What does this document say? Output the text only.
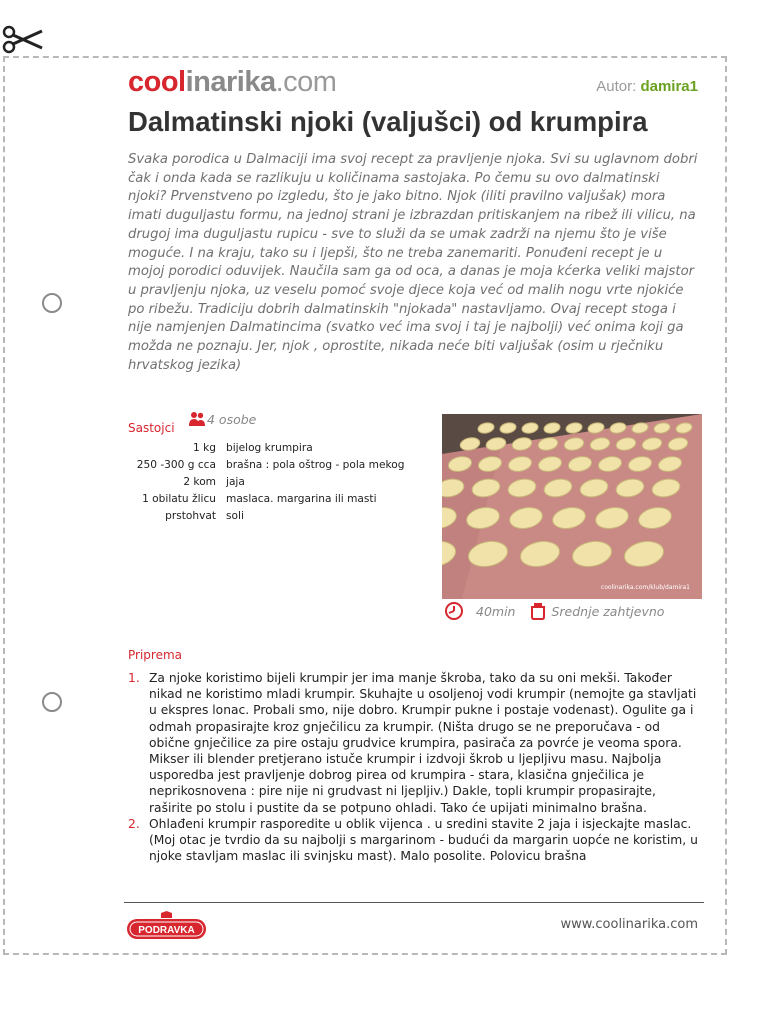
coolinarika.com	Autor: damira1
Dalmatinski njoki (valjušci) od krumpira

Svaka porodica u Dalmaciji ima svoj recept za pravljenje njoka. Svi su uglavnom dobri čak i onda kada se razlikuju u količinama sastojaka. Po čemu su ovo dalmatinski njoki? Prvenstveno po izgledu, što je jako bitno. Njok (iliti pravilno valjušak) mora imati duguljastu formu, na jednoj strani je izbrazdan pritiskanjem na ribež ili vilicu, na drugoj ima duguljastu rupicu - sve to služi da se umak zadrži na njemu što je više moguće. I na kraju, tako su i ljepši, što ne treba zanemariti. Ponuđeni recept je u mojoj porodici oduvijek. Naučila sam ga od oca, a danas je moja kćerka veliki majstor u pravljenju njoka, uz veselu pomoć svoje djece koja već od malih nogu vrte njokiće po ribežu. Tradiciju dobrih dalmatinskih "njokada" nastavljamo. Ovaj recept stoga i nije namjenjen Dalmatincima (svatko već ima svoj i taj je najbolji) već onima koji ga možda ne poznaju. Jer, njok , oprostite, nikada neće biti valjušak (osim u rječniku hrvatskog jezika)

Sastojci
4 osobe
1 kg	bijelog krumpira
250 -300 g cca	brašna : pola oštrog - pola mekog
2 kom	jaja
1 obilatu žlicu	maslaca. margarina ili masti
prstohvat	soli
coolinarika.com/klub/damira1
40min	Srednje zahtjevno
Priprema
1. Za njoke koristimo bijeli krumpir jer ima manje škroba, tako da su oni mekši. Također nikad ne koristimo mladi krumpir. Skuhajte u osoljenoj vodi krumpir (nemojte ga stavljati u ekspres lonac. Probali smo, nije dobro. Krumpir pukne i postaje vodenast). Ogulite ga i odmah propasirajte kroz gnječilicu za krumpir. (Ništa drugo se ne preporučava - od obične gnječilice za pire ostaju grudvice krumpira, pasirača za povrće je veoma spora. Mikser ili blender pretjerano istuče krumpir i izdvoji škrob u ljepljivu masu. Najbolja usporedba jest pravljenje dobrog pirea od krumpira - stara, klasična gnječilica je neprikosnovena : pire nije ni grudvast ni ljepljiv.) Dakle, topli krumpir propasirajte, raširite po stolu i pustite da se potpuno ohladi. Tako će upijati minimalno brašna.
2. Ohlađeni krumpir rasporedite u oblik vijenca . u sredini stavite 2 jaja i isjeckajte maslac. (Moj otac je tvrdio da su najbolji s margarinom - budući da margarin uopće ne koristim, u njoke stavljam maslac ili svinjsku mast). Malo posolite. Polovicu brašna
PODRAVKA	www.coolinarika.com
